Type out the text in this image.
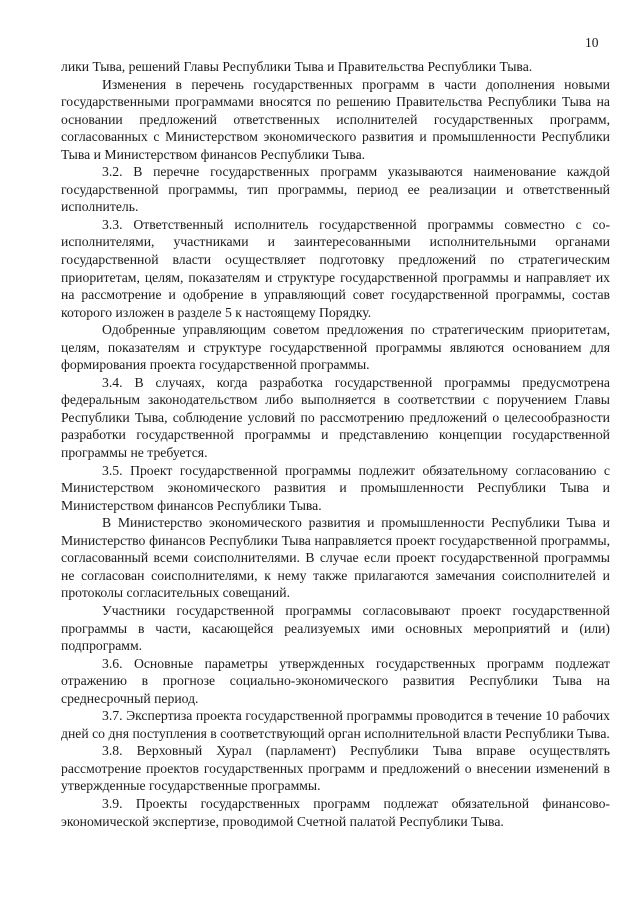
10

лики Тыва, решений Главы Республики Тыва и Правительства Республики Тыва.

Изменения в перечень государственных программ в части дополнения новыми государственными программами вносятся по решению Правительства Республики Тыва на основании предложений ответственных исполнителей государственных программ, согласованных с Министерством экономического развития и промышленности Республики Тыва и Министерством финансов Республики Тыва.

3.2. В перечне государственных программ указываются наименование каждой государственной программы, тип программы, период ее реализации и ответственный исполнитель.

3.3. Ответственный исполнитель государственной программы совместно с соисполнителями, участниками и заинтересованными исполнительными органами государственной власти осуществляет подготовку предложений по стратегическим приоритетам, целям, показателям и структуре государственной программы и направляет их на рассмотрение и одобрение в управляющий совет государственной программы, состав которого изложен в разделе 5 к настоящему Порядку.

Одобренные управляющим советом предложения по стратегическим приоритетам, целям, показателям и структуре государственной программы являются основанием для формирования проекта государственной программы.

3.4. В случаях, когда разработка государственной программы предусмотрена федеральным законодательством либо выполняется в соответствии с поручением Главы Республики Тыва, соблюдение условий по рассмотрению предложений о целесообразности разработки государственной программы и представлению концепции государственной программы не требуется.

3.5. Проект государственной программы подлежит обязательному согласованию с Министерством экономического развития и промышленности Республики Тыва и Министерством финансов Республики Тыва.

В Министерство экономического развития и промышленности Республики Тыва и Министерство финансов Республики Тыва направляется проект государственной программы, согласованный всеми соисполнителями. В случае если проект государственной программы не согласован соисполнителями, к нему также прилагаются замечания соисполнителей и протоколы согласительных совещаний.

Участники государственной программы согласовывают проект государственной программы в части, касающейся реализуемых ими основных мероприятий и (или) подпрограмм.

3.6. Основные параметры утвержденных государственных программ подлежат отражению в прогнозе социально-экономического развития Республики Тыва на среднесрочный период.

3.7. Экспертиза проекта государственной программы проводится в течение 10 рабочих дней со дня поступления в соответствующий орган исполнительной власти Республики Тыва.

3.8. Верховный Хурал (парламент) Республики Тыва вправе осуществлять рассмотрение проектов государственных программ и предложений о внесении изменений в утвержденные государственные программы.

3.9. Проекты государственных программ подлежат обязательной финансово-экономической экспертизе, проводимой Счетной палатой Республики Тыва.
